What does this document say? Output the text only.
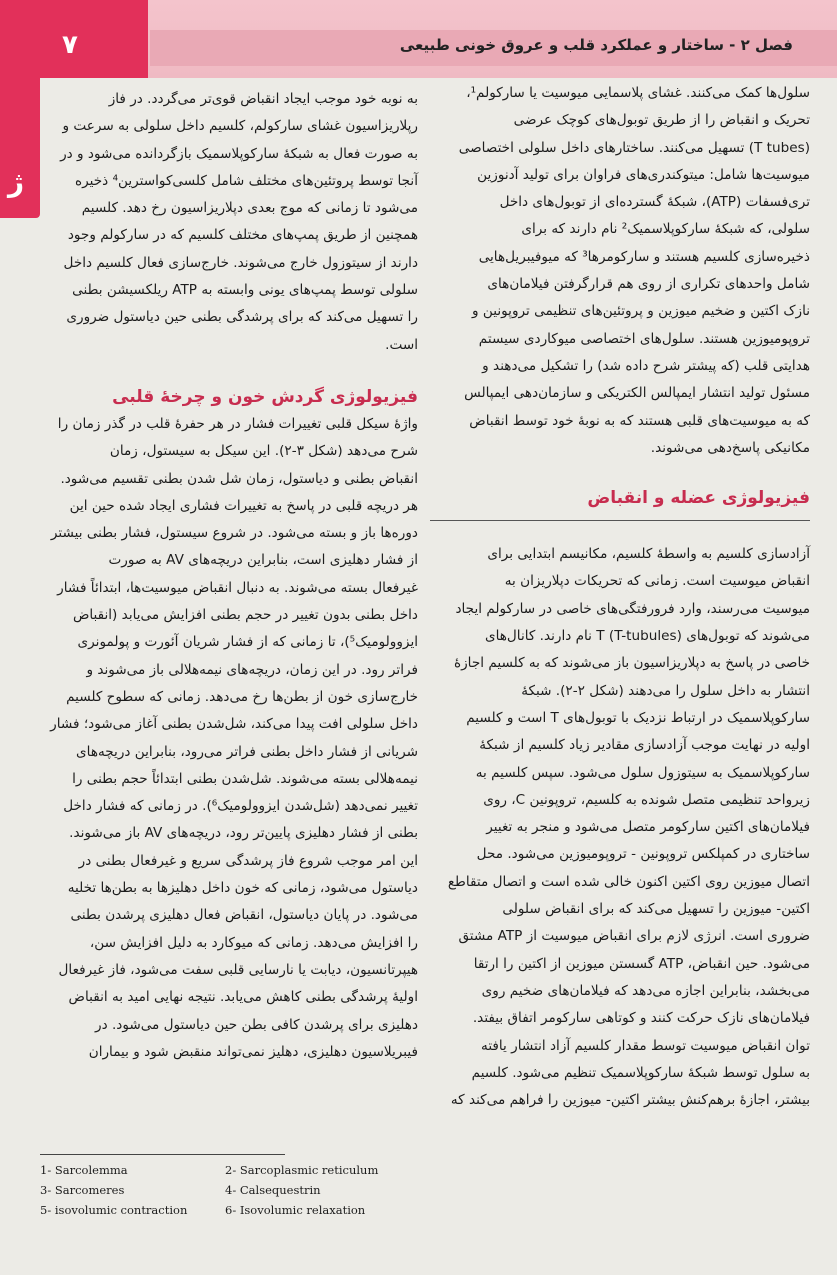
فصل ۲ - ساختار و عملکرد قلب و عروق خونی طبیعی
۷
ژ

سلول‌ها کمک می‌کنند. غشای پلاسمایی میوسیت یا سارکولم¹،

تحریک و انقباض را از طریق توبول‌های کوچک عرضی

(T tubes) تسهیل می‌کنند. ساختارهای داخل سلولی اختصاصی

میوسیت‌ها شامل: میتوکندری‌های فراوان برای تولید آدنوزین

تری‌فسفات (ATP)، شبکهٔ گسترده‌ای از توبول‌های داخل

سلولی، که شبکهٔ سارکوپلاسمیک² نام دارند که برای

ذخیره‌سازی کلسیم هستند و سارکومرها³ که میوفیبریل‌هایی

شامل واحدهای تکراری از روی هم قرارگرفتن فیلامان‌های

نازک اکتین و ضخیم میوزین و پروتئین‌های تنظیمی تروپونین و

تروپومیوزین هستند. سلول‌های اختصاصی میوکاردی سیستم

هدایتی قلب (که پیشتر شرح داده شد) را تشکیل می‌دهند و

مسئول تولید انتشار ایمپالس الکتریکی و سازمان‌دهی ایمپالس

که به میوسیت‌های قلبی هستند که به نوبهٔ خود توسط انقباض

مکانیکی پاسخ‌دهی می‌شوند.

فیزیولوژی عضله و انقباض

آزادسازی کلسیم به واسطهٔ کلسیم، مکانیسم ابتدایی برای

انقباض میوسیت است. زمانی که تحریکات دپلاریزان به

میوسیت می‌رسند، وارد فرورفتگی‌های خاصی در سارکولم ایجاد

می‌شوند که توبول‌های T (T-tubules) نام دارند. کانال‌های

خاصی در پاسخ به دپلاریزاسیون باز می‌شوند که به کلسیم اجازهٔ

انتشار به داخل سلول را می‌دهند (شکل ۲-۲). شبکهٔ

سارکوپلاسمیک در ارتباط نزدیک با توبول‌های T است و کلسیم

اولیه در نهایت موجب آزادسازی مقادیر زیاد کلسیم از شبکهٔ

سارکوپلاسمیک به سیتوزول سلول می‌شود. سپس کلسیم به

زیرواحد تنظیمی متصل شونده به کلسیم، تروپونین C، روی

فیلامان‌های اکتین سارکومر متصل می‌شود و منجر به تغییر

ساختاری در کمپلکس تروپونین - تروپومیوزین می‌شود. محل

اتصال میوزین روی اکتین اکنون خالی شده است و اتصال متقاطع

اکتین- میوزین را تسهیل می‌کند که برای انقباض سلولی

ضروری است. انرژی لازم برای انقباض میوسیت از ATP مشتق

می‌شود. حین انقباض، ATP گسستن میوزین از اکتین را ارتقا

می‌بخشد، بنابراین اجازه می‌دهد که فیلامان‌های ضخیم روی

فیلامان‌های نازک حرکت کنند و کوتاهی سارکومر اتفاق بیفتد.

توان انقباض میوسیت توسط مقدار کلسیم آزاد انتشار یافته

به سلول توسط شبکهٔ سارکوپلاسمیک تنظیم می‌شود. کلسیم

بیشتر، اجازهٔ برهم‌کنش بیشتر اکتین- میوزین را فراهم می‌کند که

به نوبه خود موجب ایجاد انقباض قوی‌تر می‌گردد. در فاز

رپلاریزاسیون غشای سارکولم، کلسیم داخل سلولی به سرعت و

به صورت فعال به شبکهٔ سارکوپلاسمیک بازگردانده می‌شود و در

آنجا توسط پروتئین‌های مختلف شامل کلسی‌کواسترین⁴ ذخیره

می‌شود تا زمانی که موج بعدی دپلاریزاسیون رخ دهد. کلسیم

همچنین از طریق پمپ‌های مختلف کلسیم که در سارکولم وجود

دارند از سیتوزول خارج می‌شوند. خارج‌سازی فعال کلسیم داخل

سلولی توسط پمپ‌های یونی وابسته به ATP ریلکسیشن بطنی

را تسهیل می‌کند که برای پرشدگی بطنی حین دیاستول ضروری

است.

فیزیولوژی گردش خون و چرخهٔ قلبی

واژهٔ سیکل قلبی تغییرات فشار در هر حفرهٔ قلب در گذر زمان را

شرح می‌دهد (شکل ۳-۲). این سیکل به سیستول، زمان

انقباض بطنی و دیاستول، زمان شل شدن بطنی تقسیم می‌شود.

هر دریچه قلبی در پاسخ به تغییرات فشاری ایجاد شده حین این

دوره‌ها باز و بسته می‌شود. در شروع سیستول، فشار بطنی بیشتر

از فشار دهلیزی است، بنابراین دریچه‌های AV به صورت

غیرفعال بسته می‌شوند. به دنبال انقباض میوسیت‌ها، ابتدائاً فشار

داخل بطنی بدون تغییر در حجم بطنی افزایش می‌یابد (انقباض

ایزوولومیک⁵)، تا زمانی که از فشار شریان آئورت و پولمونری

فراتر رود. در این زمان، دریچه‌های نیمه‌هلالی باز می‌شوند و

خارج‌سازی خون از بطن‌ها رخ می‌دهد. زمانی که سطوح کلسیم

داخل سلولی افت پیدا می‌کند، شل‌شدن بطنی آغاز می‌شود؛ فشار

شریانی از فشار داخل بطنی فراتر می‌رود، بنابراین دریچه‌های

نیمه‌هلالی بسته می‌شوند. شل‌شدن بطنی ابتدائاً حجم بطنی را

تغییر نمی‌دهد (شل‌شدن ایزوولومیک⁶). در زمانی که فشار داخل

بطنی از فشار دهلیزی پایین‌تر رود، دریچه‌های AV باز می‌شوند.

این امر موجب شروع فاز پرشدگی سریع و غیرفعال بطنی در

دیاستول می‌شود، زمانی که خون داخل دهلیزها به بطن‌ها تخلیه

می‌شود. در پایان دیاستول، انقباض فعال دهلیزی پرشدن بطنی

را افزایش می‌دهد. زمانی که میوکارد به دلیل افزایش سن،

هیپرتانسیون، دیابت یا نارسایی قلبی سفت می‌شود، فاز غیرفعال

اولیهٔ پرشدگی بطنی کاهش می‌یابد. نتیجه نهایی امید به انقباض

دهلیزی برای پرشدن کافی بطن حین دیاستول می‌شود. در

فیبریلاسیون دهلیزی، دهلیز نمی‌تواند منقبض شود و بیماران

1- Sarcolemma	2- Sarcoplasmic reticulum
3- Sarcomeres	4- Calsequestrin
5- isovolumic contraction	6- Isovolumic relaxation
